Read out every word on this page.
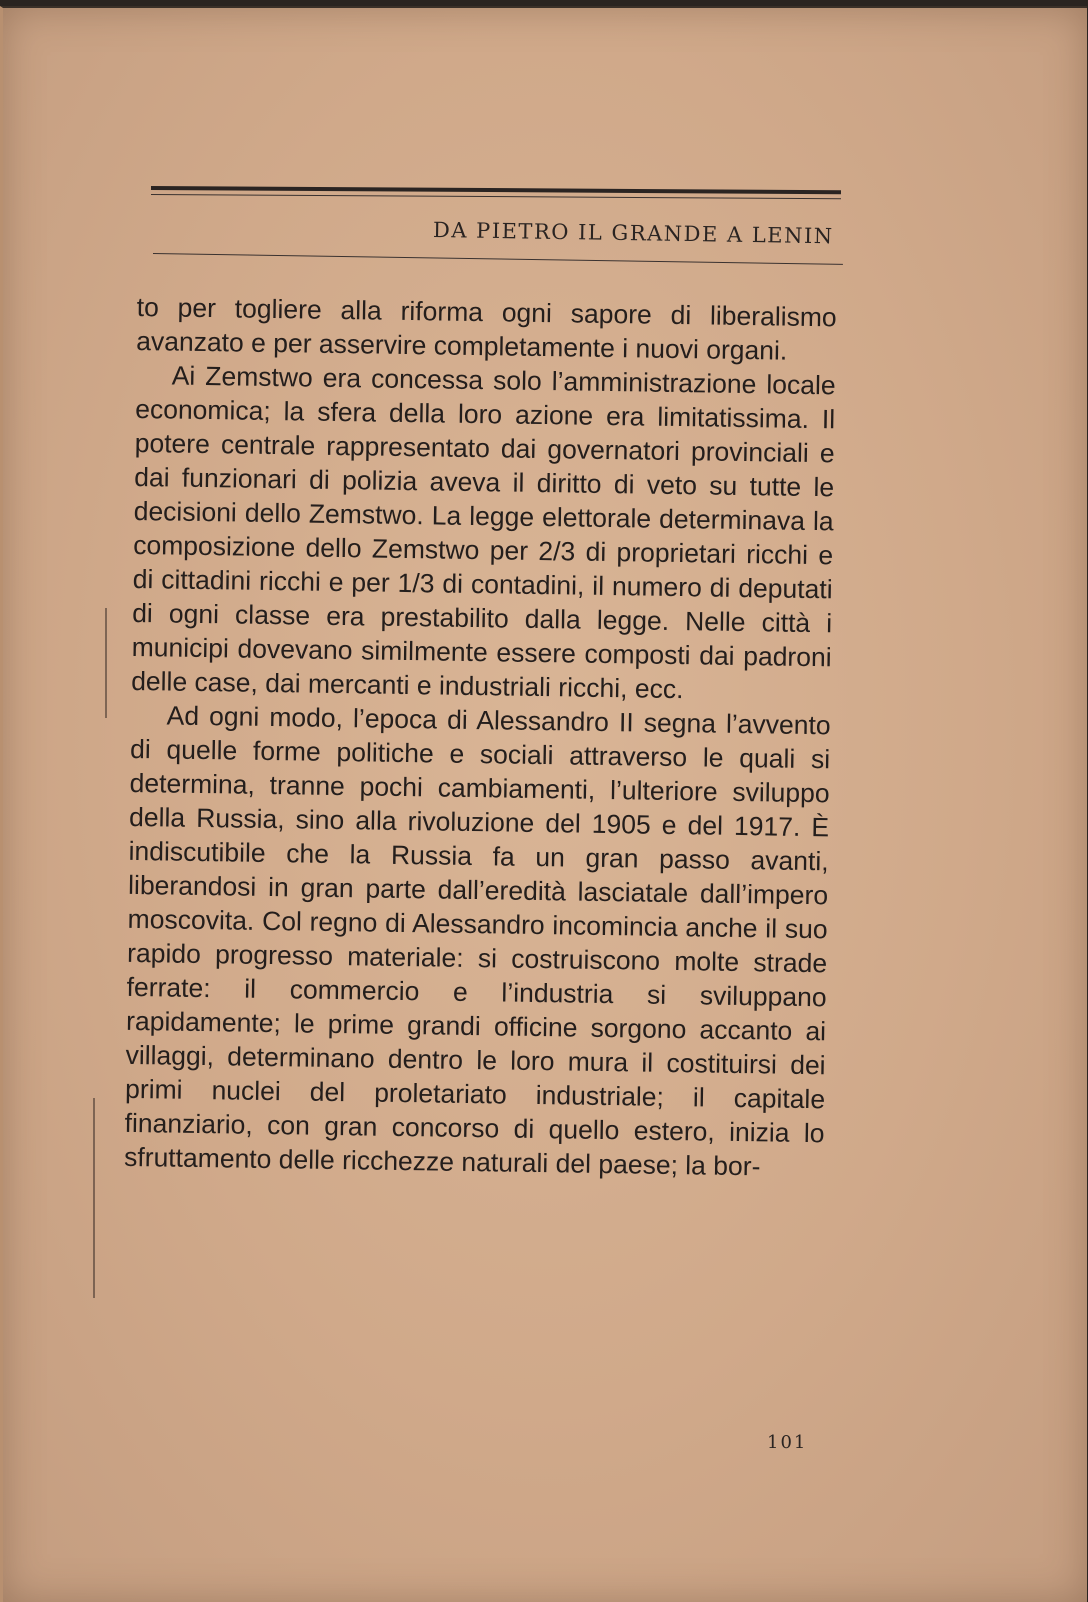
DA PIETRO IL GRANDE A LENIN

to per togliere alla riforma ogni sapore di liberalismo avanzato e per asservire completamente i nuovi organi.

Ai Zemstwo era concessa solo l’amministrazione locale economica; la sfera della loro azione era limitatissima. Il potere centrale rappresentato dai governatori provinciali e dai funzionari di polizia aveva il diritto di veto su tutte le decisioni dello Zemstwo. La legge elettorale determinava la composizione dello Zemstwo per 2/3 di proprietari ricchi e di cittadini ricchi e per 1/3 di contadini, il numero di deputati di ogni classe era prestabilito dalla legge. Nelle città i municipi dovevano similmente essere composti dai padroni delle case, dai mercanti e industriali ricchi, ecc.

Ad ogni modo, l’epoca di Alessandro II segna l’avvento di quelle forme politiche e sociali attraverso le quali si determina, tranne pochi cambiamenti, l’ulteriore sviluppo della Russia, sino alla rivoluzione del 1905 e del 1917. È indiscutibile che la Russia fa un gran passo avanti, liberandosi in gran parte dall’eredità lasciatale dall’impero moscovita. Col regno di Alessandro incomincia anche il suo rapido progresso materiale: si costruiscono molte strade ferrate: il commercio e l’industria si sviluppano rapidamente; le prime grandi officine sorgono accanto ai villaggi, determinano dentro le loro mura il costituirsi dei primi nuclei del proletariato industriale; il capitale finanziario, con gran concorso di quello estero, inizia lo sfruttamento delle ricchezze naturali del paese; la bor-

101
